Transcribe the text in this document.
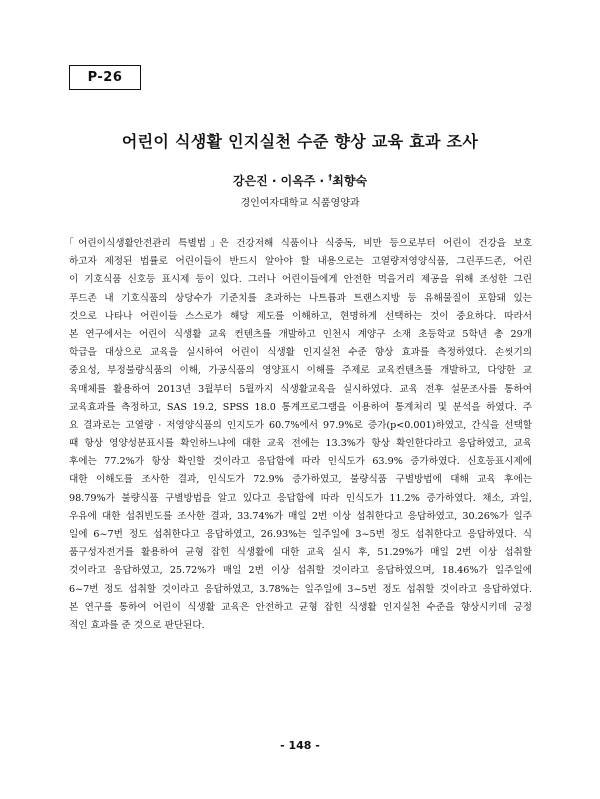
P-26
어린이 식생활 인지실천 수준 향상 교육 효과 조사
강은진 · 이옥주 · †최향숙
경인여자대학교 식품영양과
｢어린이식생활안전관리 특별법｣은 건강저해 식품이나 식중독, 비만 등으로부터 어린이 건강을 보호
하고자 제정된 법률로 어린이들이 반드시 알아야 할 내용으로는 고열량저영양식품, 그린푸드존, 어린
이 기호식품 신호등 표시제 등이 있다. 그러나 어린이들에게 안전한 먹을거리 제공을 위해 조성한 그린
푸드존 내 기호식품의 상당수가 기준치를 초과하는 나트륨과 트랜스지방 등 유해물질이 포함돼 있는
것으로 나타나 어린이들 스스로가 해당 제도를 이해하고, 현명하게 선택하는 것이 중요하다. 따라서
본 연구에서는 어린이 식생활 교육 컨텐츠를 개발하고 인천시 계양구 소재 초등학교 5학년 총 29개
학급을 대상으로 교육을 실시하여 어린이 식생활 인지실천 수준 향상 효과를 측정하였다. 손씻기의
중요성, 부정불량식품의 이해, 가공식품의 영양표시 이해를 주제로 교육컨텐츠를 개발하고, 다양한 교
육매체를 활용하여 2013년 3월부터 5월까지 식생활교육을 실시하였다. 교육 전후 설문조사를 통하여
교육효과를 측정하고, SAS 19.2, SPSS 18.0 통계프로그램을 이용하여 통계처리 및 분석을 하였다. 주
요 결과로는 고열량 · 저영양식품의 인지도가 60.7%에서 97.9%로 증가(p<0.001)하였고, 간식을 선택할
때 항상 영양성분표시를 확인하느냐에 대한 교육 전에는 13.3%가 항상 확인한다라고 응답하였고, 교육
후에는 77.2%가 항상 확인할 것이라고 응답함에 따라 인식도가 63.9% 증가하였다. 신호등표시제에
대한 이해도를 조사한 결과, 인식도가 72.9% 증가하였고, 불량식품 구별방법에 대해 교육 후에는
98.79%가 불량식품 구별방법을 알고 있다고 응답함에 따라 인식도가 11.2% 증가하였다. 채소, 과일,
우유에 대한 섭취빈도를 조사한 결과, 33.74%가 매일 2번 이상 섭취한다고 응답하였고, 30.26%가 일주
일에 6~7번 정도 섭취한다고 응답하였고, 26.93%는 일주일에 3~5번 정도 섭취한다고 응답하였다. 식
품구성자전거를 활용하여 균형 잡힌 식생활에 대한 교육 실시 후, 51.29%가 매일 2번 이상 섭취할
것이라고 응답하였고, 25.72%가 매일 2번 이상 섭취할 것이라고 응답하였으며, 18.46%가 일주일에
6~7번 정도 섭취할 것이라고 응답하였고, 3.78%는 일주일에 3~5번 정도 섭취할 것이라고 응답하였다.
본 연구를 통하여 어린이 식생활 교육은 안전하고 균형 잡힌 식생활 인지실천 수준을 향상시키데 긍정
적인 효과를 준 것으로 판단된다.
- 148 -
